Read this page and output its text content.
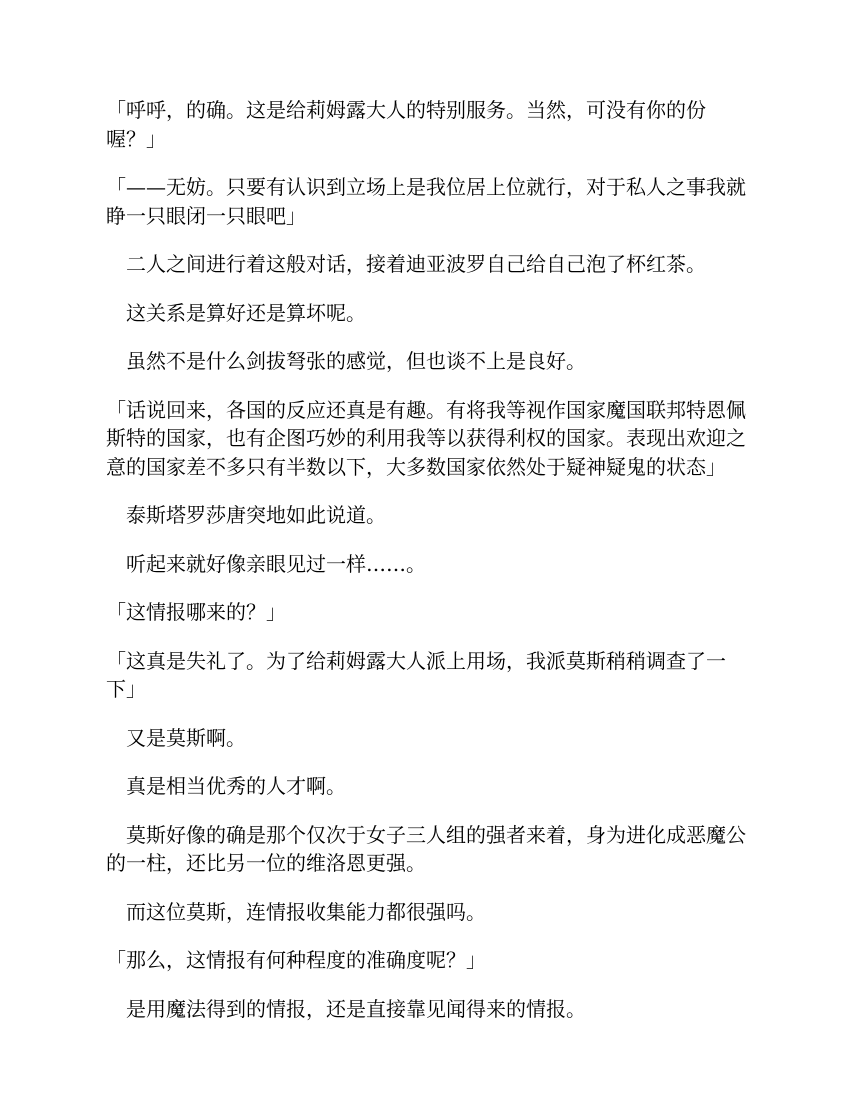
「呼呼，的确。这是给莉姆露大人的特别服务。当然，可没有你的份喔？」

「——无妨。只要有认识到立场上是我位居上位就行，对于私人之事我就睁一只眼闭一只眼吧」

二人之间进行着这般对话，接着迪亚波罗自己给自己泡了杯红茶。

这关系是算好还是算坏呢。

虽然不是什么剑拔弩张的感觉，但也谈不上是良好。

「话说回来，各国的反应还真是有趣。有将我等视作国家魔国联邦特恩佩斯特的国家，也有企图巧妙的利用我等以获得利权的国家。表现出欢迎之意的国家差不多只有半数以下，大多数国家依然处于疑神疑鬼的状态」

泰斯塔罗莎唐突地如此说道。

听起来就好像亲眼见过一样……。

「这情报哪来的？」

「这真是失礼了。为了给莉姆露大人派上用场，我派莫斯稍稍调查了一下」

又是莫斯啊。

真是相当优秀的人才啊。

莫斯好像的确是那个仅次于女子三人组的强者来着，身为进化成恶魔公的一柱，还比另一位的维洛恩更强。

而这位莫斯，连情报收集能力都很强吗。

「那么，这情报有何种程度的准确度呢？」

是用魔法得到的情报，还是直接靠见闻得来的情报。
